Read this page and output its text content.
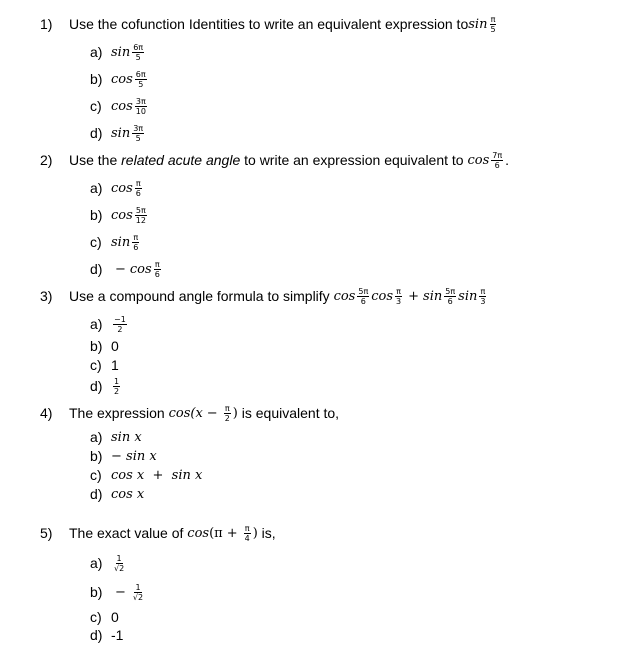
1)	Use the cofunction Identities to write an equivalent expression to $\sin \frac{\pi}{5}$
a) $\sin \frac{6\pi}{5}$
b) $\cos \frac{6\pi}{5}$
c) $\cos \frac{3\pi}{10}$
d) $\sin \frac{3\pi}{5}$
2)	Use the
related acute angle to write an expression equivalent to $\cos \frac{7\pi}{6}$ .
a) $\cos \frac{\pi}{6}$
b) $\cos \frac{5\pi}{12}$
c) $\sin \frac{\pi}{6}$
$d) - \cos \frac{\pi}{6}$
3)	Use a compound angle formula to simplify $\cos \frac{5\pi}{6}$ $\cos \frac{\pi}{3} + \sin \frac{5\pi}{6}$ $\sin \frac{\pi}{3}$
a)	$\frac{-1}{2}$
b) 0
c) 1
d)	$\frac{1}{2}$
4)	The expression $\cos (x - \frac{\pi}{2}$ ) is equivalent to,
a) sin x
b) − sin x
c) cos x  +  sin x
d) cos x
5)	The exact value of $\cos (\pi + \frac{\pi}{4}$ ) is,
a)	$\frac{1}{√2}$
$b) - \frac{1}{√2}$
c) 0
d) -1
